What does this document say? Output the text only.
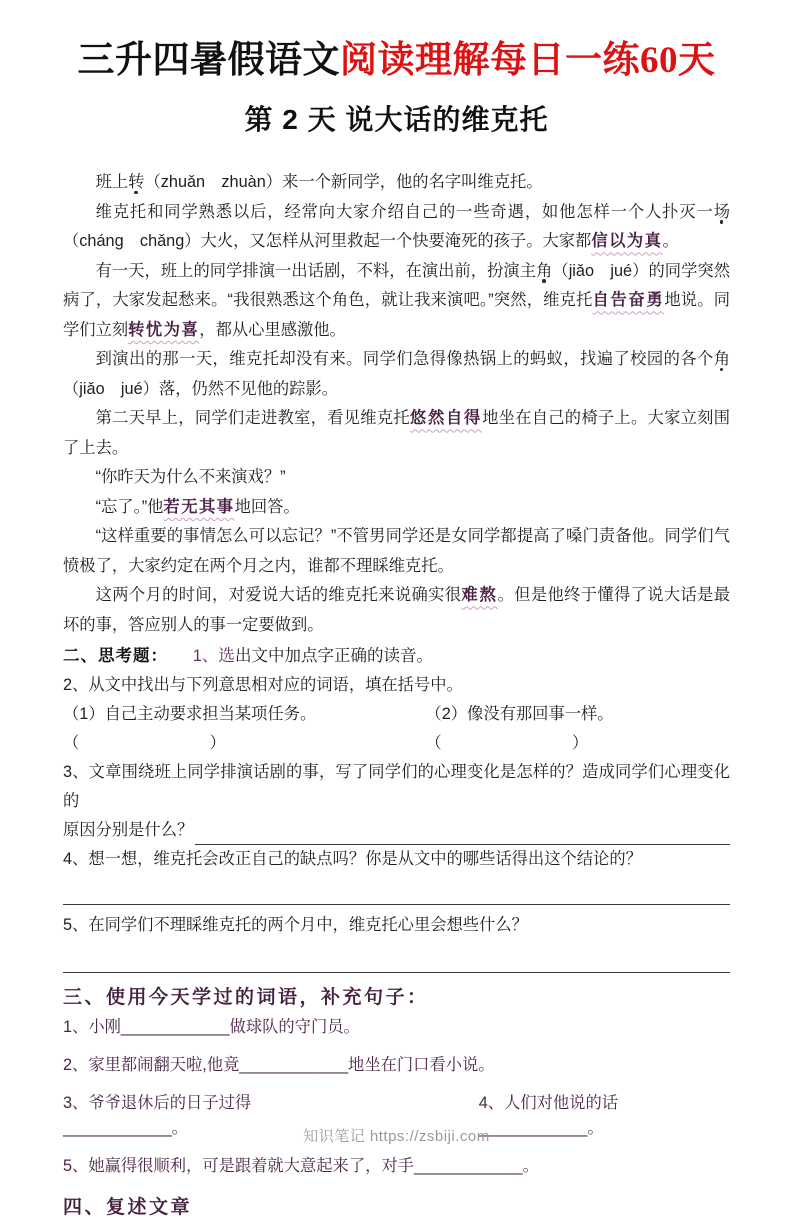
三升四暑假语文阅读理解每日一练60天
第 2 天 说大话的维克托

班上转（zhuǎn　zhuàn）来一个新同学，他的名字叫维克托。

维克托和同学熟悉以后，经常向大家介绍自己的一些奇遇，如他怎样一个人扑灭一场（cháng　chǎng）大火，又怎样从河里救起一个快要淹死的孩子。大家都信以为真。

有一天，班上的同学排演一出话剧，不料，在演出前，扮演主角（jiǎo　jué）的同学突然病了，大家发起愁来。“我很熟悉这个角色，就让我来演吧。”突然，维克托自告奋勇地说。同学们立刻转忧为喜，都从心里感激他。

到演出的那一天，维克托却没有来。同学们急得像热锅上的蚂蚁，找遍了校园的各个角（jiǎo　jué）落，仍然不见他的踪影。

第二天早上，同学们走进教室，看见维克托悠然自得地坐在自己的椅子上。大家立刻围了上去。

“你昨天为什么不来演戏？”

“忘了。”他若无其事地回答。

“这样重要的事情怎么可以忘记？”不管男同学还是女同学都提高了嗓门责备他。同学们气愤极了，大家约定在两个月之内，谁都不理睬维克托。

这两个月的时间，对爱说大话的维克托来说确实很难熬。但是他终于懂得了说大话是最坏的事，答应别人的事一定要做到。

二、思考题：　　 1、选出文中加点字正确的读音。

2、从文中找出与下列意思相对应的词语，填在括号中。

（1）自己主动要求担当某项任务。（　　　　　　　　）
（2）像没有那回事一样。（　　　　　　　　）

3、文章围绕班上同学排演话剧的事，写了同学们的心理变化是怎样的？造成同学们心理变化的

原因分别是什么？

4、想一想，维克托会改正自己的缺点吗？你是从文中的哪些话得出这个结论的？

5、在同学们不理睬维克托的两个月中，维克托心里会想些什么？

三、使用今天学过的词语，补充句子：

1、小刚____________做球队的守门员。

2、家里都闹翻天啦,他竟____________地坐在门口看小说。

3、爷爷退休后的日子过得____________。
4、人们对他说的话____________。

5、她赢得很顺利，可是跟着就大意起来了，对手____________。

四、复述文章
知识笔记 https://zsbiji.com
